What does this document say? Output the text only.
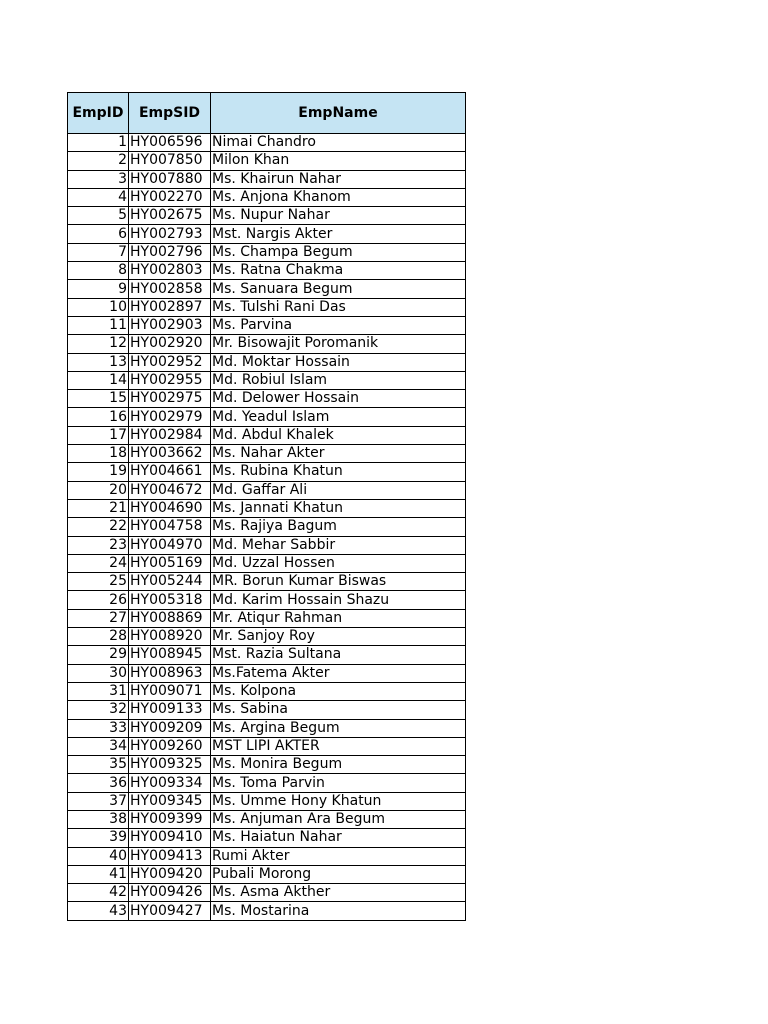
EmpID	EmpSID	EmpName
1	HY006596	Nimai Chandro
2	HY007850	Milon Khan
3	HY007880	Ms. Khairun Nahar
4	HY002270	Ms. Anjona Khanom
5	HY002675	Ms. Nupur Nahar
6	HY002793	Mst. Nargis Akter
7	HY002796	Ms. Champa Begum
8	HY002803	Ms. Ratna Chakma
9	HY002858	Ms. Sanuara Begum
10	HY002897	Ms. Tulshi Rani Das
11	HY002903	Ms. Parvina
12	HY002920	Mr. Bisowajit Poromanik
13	HY002952	Md. Moktar Hossain
14	HY002955	Md. Robiul Islam
15	HY002975	Md. Delower Hossain
16	HY002979	Md. Yeadul Islam
17	HY002984	Md. Abdul Khalek
18	HY003662	Ms. Nahar Akter
19	HY004661	Ms. Rubina Khatun
20	HY004672	Md. Gaffar Ali
21	HY004690	Ms. Jannati Khatun
22	HY004758	Ms. Rajiya Bagum
23	HY004970	Md. Mehar Sabbir
24	HY005169	Md. Uzzal Hossen
25	HY005244	MR. Borun Kumar Biswas
26	HY005318	Md. Karim Hossain Shazu
27	HY008869	Mr. Atiqur Rahman
28	HY008920	Mr. Sanjoy Roy
29	HY008945	Mst. Razia Sultana
30	HY008963	Ms.Fatema Akter
31	HY009071	Ms. Kolpona
32	HY009133	Ms. Sabina
33	HY009209	Ms. Argina Begum
34	HY009260	MST LIPI AKTER
35	HY009325	Ms. Monira Begum
36	HY009334	Ms. Toma Parvin
37	HY009345	Ms. Umme Hony Khatun
38	HY009399	Ms. Anjuman Ara Begum
39	HY009410	Ms. Haiatun Nahar
40	HY009413	Rumi Akter
41	HY009420	Pubali Morong
42	HY009426	Ms. Asma Akther
43	HY009427	Ms. Mostarina
